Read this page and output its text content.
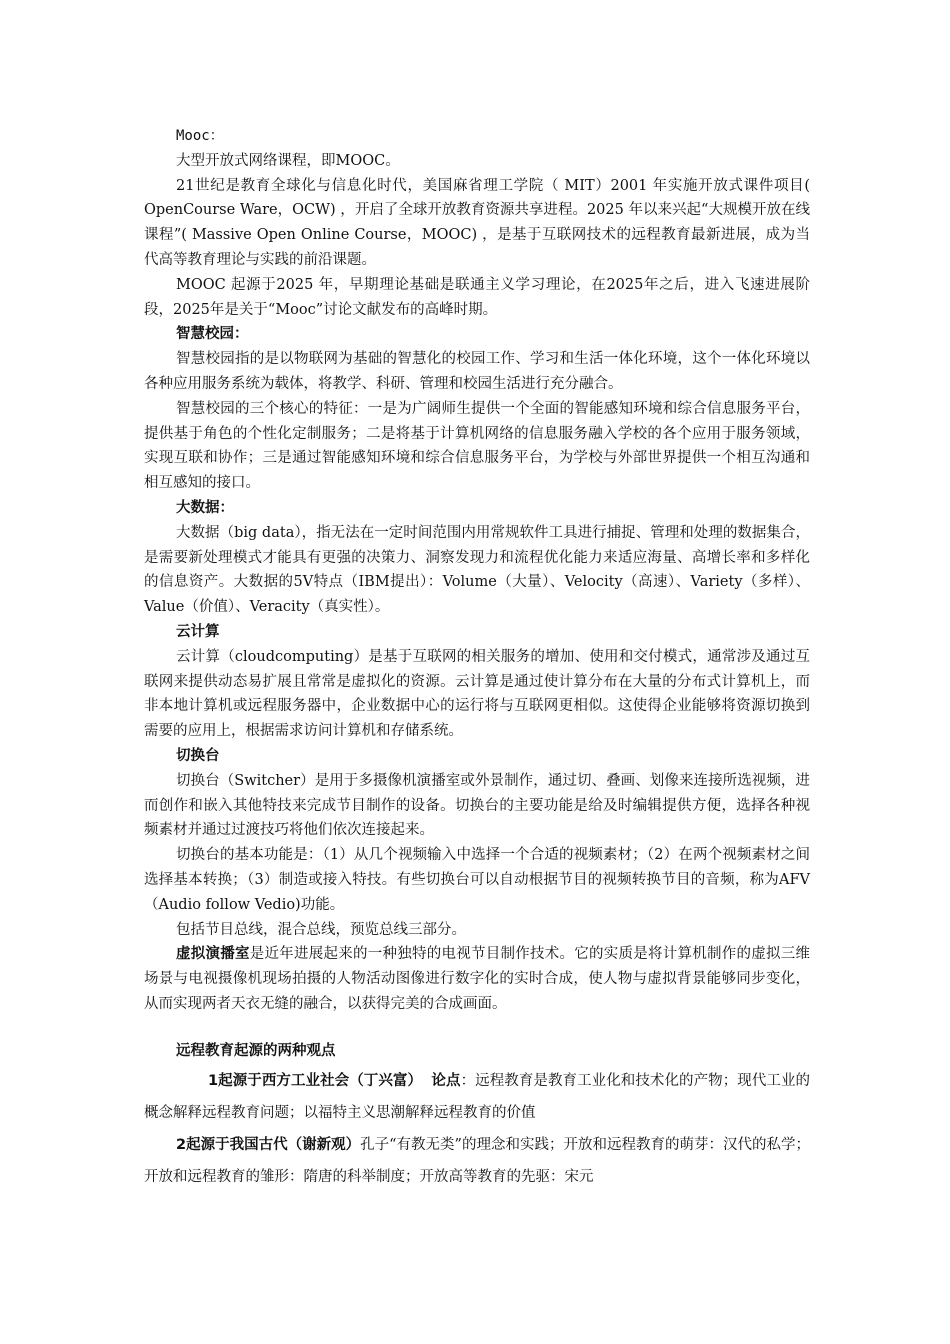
Mooc：

大型开放式网络课程，即MOOC。

21世纪是教育全球化与信息化时代，美国麻省理工学院（ MIT）2001 年实施开放式课件项目( OpenCourse Ware，OCW) ，开启了全球开放教育资源共享进程。2025 年以来兴起“大规模开放在线课程”( Massive Open Online Course，MOOC) ，是基于互联网技术的远程教育最新进展，成为当代高等教育理论与实践的前沿课题。

MOOC 起源于2025 年，早期理论基础是联通主义学习理论，在2025年之后，进入飞速进展阶段，2025年是关于“Mooc”讨论文献发布的高峰时期。

智慧校园：

智慧校园指的是以物联网为基础的智慧化的校园工作、学习和生活一体化环境，这个一体化环境以各种应用服务系统为载体，将教学、科研、管理和校园生活进行充分融合。

智慧校园的三个核心的特征：一是为广阔师生提供一个全面的智能感知环境和综合信息服务平台，提供基于角色的个性化定制服务；二是将基于计算机网络的信息服务融入学校的各个应用于服务领域，实现互联和协作；三是通过智能感知环境和综合信息服务平台，为学校与外部世界提供一个相互沟通和相互感知的接口。

大数据：

大数据（big data），指无法在一定时间范围内用常规软件工具进行捕捉、管理和处理的数据集合，是需要新处理模式才能具有更强的决策力、洞察发现力和流程优化能力来适应海量、高增长率和多样化的信息资产。大数据的5V特点（IBM提出）：Volume（大量）、Velocity（高速）、Variety（多样）、Value（价值）、Veracity（真实性）。

云计算

云计算（cloudcomputing）是基于互联网的相关服务的增加、使用和交付模式，通常涉及通过互联网来提供动态易扩展且常常是虚拟化的资源。云计算是通过使计算分布在大量的分布式计算机上，而非本地计算机或远程服务器中，企业数据中心的运行将与互联网更相似。这使得企业能够将资源切换到需要的应用上，根据需求访问计算机和存储系统。

切换台

切换台（Switcher）是用于多摄像机演播室或外景制作，通过切、叠画、划像来连接所选视频，进而创作和嵌入其他特技来完成节目制作的设备。切换台的主要功能是给及时编辑提供方便，选择各种视频素材并通过过渡技巧将他们依次连接起来。

切换台的基本功能是：（1）从几个视频输入中选择一个合适的视频素材；（2）在两个视频素材之间选择基本转换；（3）制造或接入特技。有些切换台可以自动根据节目的视频转换节目的音频，称为AFV（Audio follow Vedio)功能。

包括节目总线，混合总线，预览总线三部分。

虚拟演播室是近年进展起来的一种独特的电视节目制作技术。它的实质是将计算机制作的虚拟三维场景与电视摄像机现场拍摄的人物活动图像进行数字化的实时合成，使人物与虚拟背景能够同步变化，从而实现两者天衣无缝的融合，以获得完美的合成画面。

远程教育起源的两种观点

1起源于西方工业社会（丁兴富） 论点：远程教育是教育工业化和技术化的产物；现代工业的概念解释远程教育问题；以福特主义思潮解释远程教育的价值

2起源于我国古代（谢新观）孔子“有教无类”的理念和实践；开放和远程教育的萌芽：汉代的私学；开放和远程教育的雏形：隋唐的科举制度；开放高等教育的先驱：宋元
